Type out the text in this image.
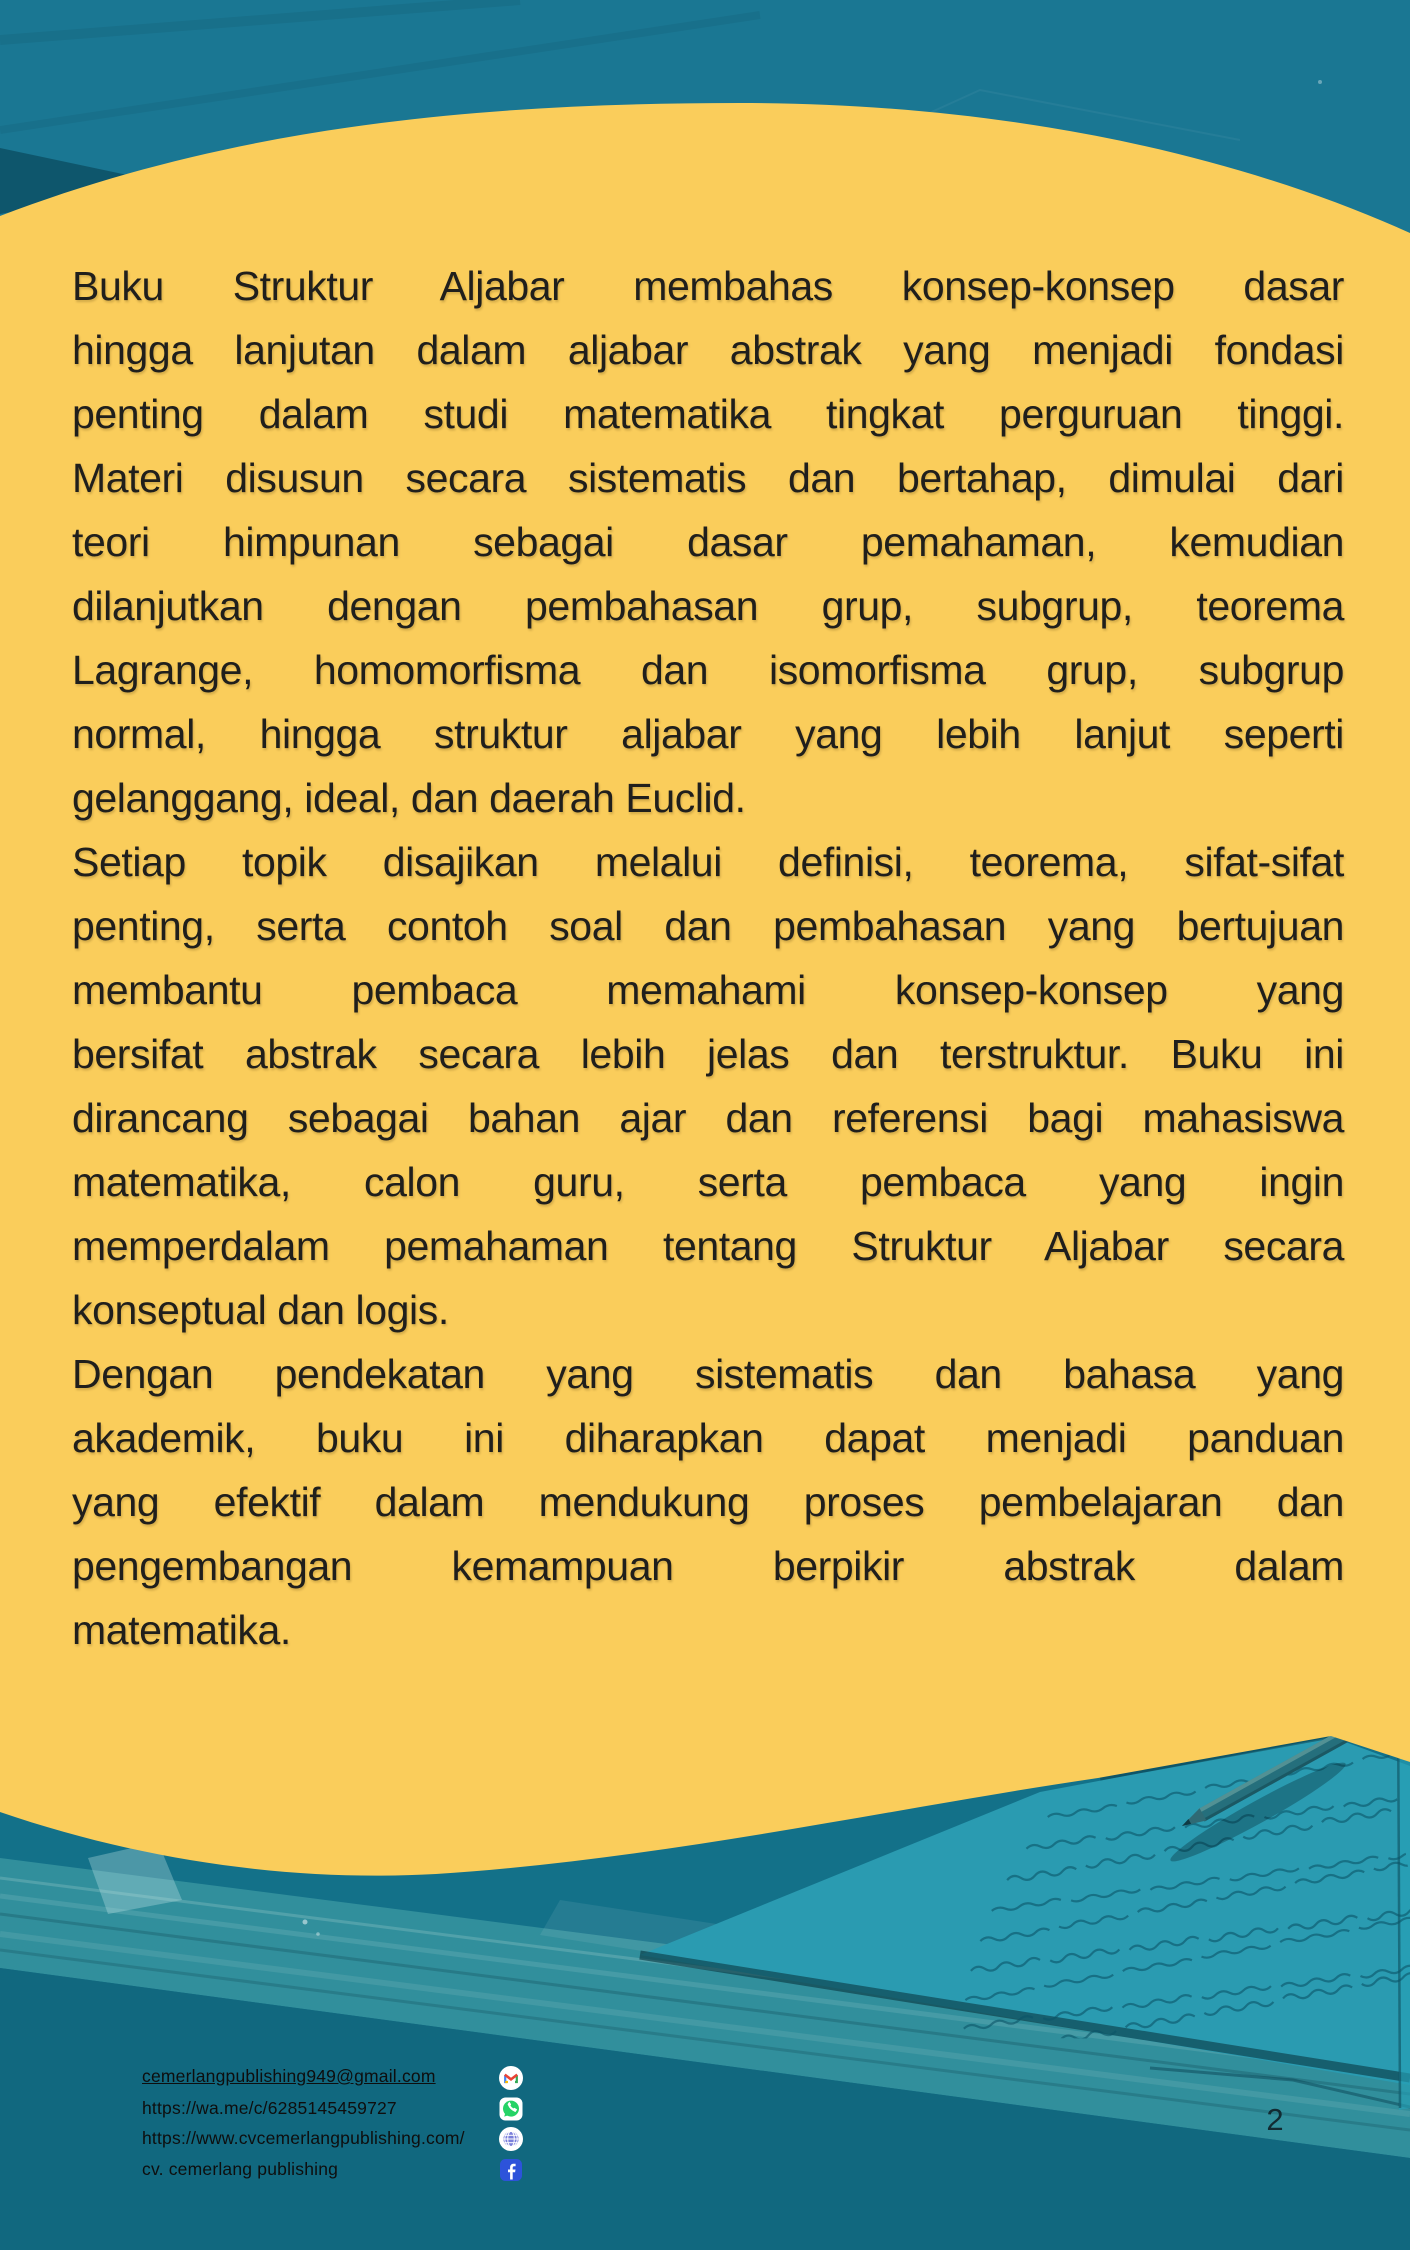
Buku Struktur Aljabar membahas konsep-konsep dasar
hingga lanjutan dalam aljabar abstrak yang menjadi fondasi
penting dalam studi matematika tingkat perguruan tinggi.
Materi disusun secara sistematis dan bertahap, dimulai dari
teori himpunan sebagai dasar pemahaman, kemudian
dilanjutkan dengan pembahasan grup, subgrup, teorema
Lagrange, homomorfisma dan isomorfisma grup, subgrup
normal, hingga struktur aljabar yang lebih lanjut seperti
gelanggang, ideal, dan daerah Euclid.
Setiap topik disajikan melalui definisi, teorema, sifat-sifat
penting, serta contoh soal dan pembahasan yang bertujuan
membantu pembaca memahami konsep-konsep yang
bersifat abstrak secara lebih jelas dan terstruktur. Buku ini
dirancang sebagai bahan ajar dan referensi bagi mahasiswa
matematika, calon guru, serta pembaca yang ingin
memperdalam pemahaman tentang Struktur Aljabar secara
konseptual dan logis.
Dengan pendekatan yang sistematis dan bahasa yang
akademik, buku ini diharapkan dapat menjadi panduan
yang efektif dalam mendukung proses pembelajaran dan
pengembangan kemampuan berpikir abstrak dalam
matematika.
cemerlangpublishing949@gmail.com
https://wa.me/c/6285145459727
https://www.cvcemerlangpublishing.com/
cv. cemerlang publishing
2
